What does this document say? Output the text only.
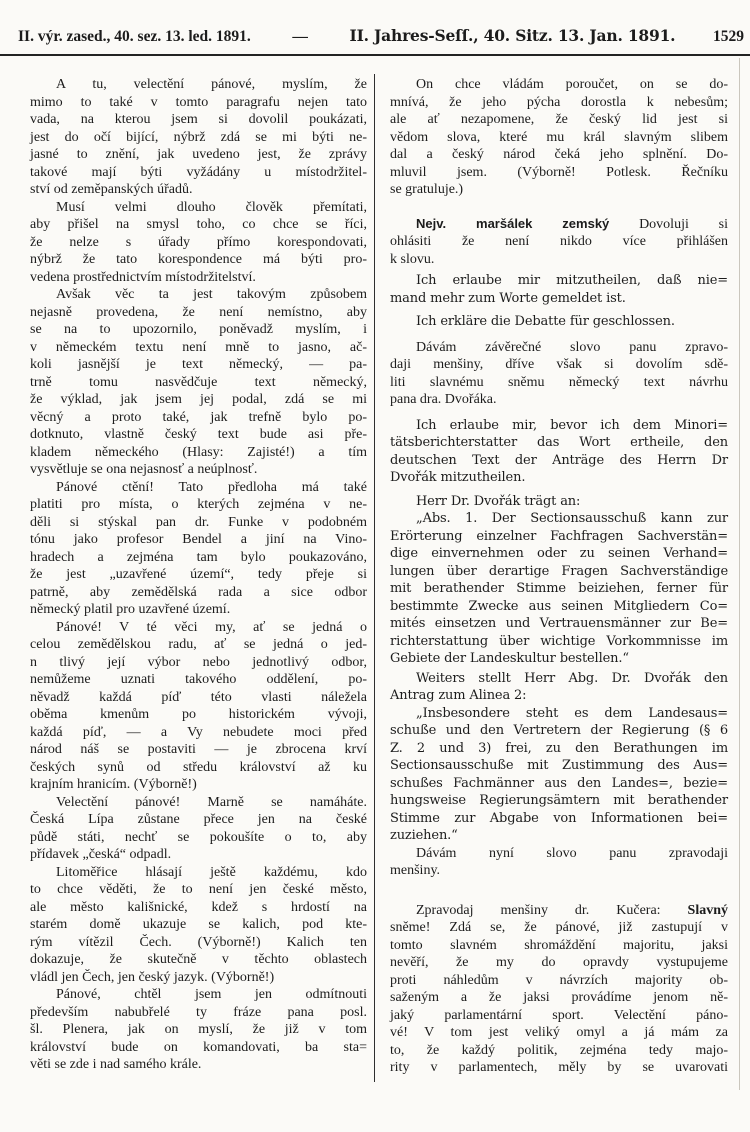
II. výr. zased., 40. sez. 13. led. 1891.	—	II. Jahres-Seſſ., 40. Sitz. 13. Jan. 1891. 1529
A tu, velectění pánové, myslím, že
mimo to také v tomto paragrafu nejen tato
vada, na kterou jsem si dovolil poukázati,
jest do očí bijící, nýbrž zdá se mi býti ne-
jasné to znění, jak uvedeno jest, že zprávy
takové mají býti vyžádány u místodržitel-
ství od zeměpanských úřadů.
Musí velmi dlouho člověk přemítati,
aby přišel na smysl toho, co chce se říci,
že nelze s úřady přímo korespondovati,
nýbrž že tato korespondence má býti pro-
vedena prostřednictvím místodržitelství.
Avšak věc ta jest takovým způsobem
nejasně provedena, že není nemístno, aby
se na to upozornilo, poněvadž myslím, i
v německém textu není mně to jasno, ač-
koli jasnější je text německý, — pa-
trně tomu nasvědčuje text německý,
že výklad, jak jsem jej podal, zdá se mi
věcný a proto také, jak trefně bylo po-
dotknuto, vlastně český text bude asi pře-
kladem německého (Hlasy: Zajisté!) a tím
vysvětluje se ona nejasnosť a neúplnosť.
Pánové ctění! Tato předloha má také
platiti pro místa, o kterých zejména v ne-
děli si stýskal pan dr. Funke v podobném
tónu jako profesor Bendel a jiní na Vino-
hradech a zejména tam bylo poukazováno,
že jest „uzavřené území“, tedy přeje si
patrně, aby zemědělská rada a sice odbor
německý platil pro uzavřené území.
Pánové! V té věci my, ať se jedná o
celou zemědělskou radu, ať se jedná o jed-
n tlivý její výbor nebo jednotlivý odbor,
nemůžeme uznati takového oddělení, po-
něvadž každá píď této vlasti náležela
oběma kmenům po historickém vývoji,
každá píď, — a Vy nebudete moci před
národ náš se postaviti — je zbrocena krví
českých synů od středu království až ku
krajním hranicím. (Výborně!)
Velectění pánové! Marně se namáháte.
Česká Lípa zůstane přece jen na české
půdě státi, nechť se pokoušíte o to, aby
přídavek „česká“ odpadl.
Litoměřice hlásají ještě každému, kdo
to chce věděti, že to není jen české město,
ale město kališnické, kdež s hrdostí na
starém domě ukazuje se kalich, pod kte-
rým vítězil Čech. (Výborně!) Kalich ten
dokazuje, že skutečně v těchto oblastech
vládl jen Čech, jen český jazyk. (Výborně!)
Pánové, chtěl jsem jen odmítnouti
především nabubřelé ty fráze pana posl.
šl. Plenera, jak on myslí, že již v tom
království bude on komandovati, ba sta=
věti se zde i nad samého krále.
On chce vládám poroučet, on se do-
mnívá, že jeho pýcha dorostla k nebesům;
ale ať nezapomene, že český lid jest si
vědom slova, které mu král slavným slibem
dal a český národ čeká jeho splnění. Do-
mluvil jsem. (Výborně! Potlesk. Řečníku
se gratuluje.)
Nejv. maršálek zemský Dovoluji si
ohlásiti že není nikdo více přihlášen
k slovu.
Ich erlaube mir mitzutheilen, daß nie=
mand mehr zum Worte gemeldet ist.
Ich erkläre die Debatte für geschlossen.
Dávám závěrečné slovo panu zpravo-
daji menšiny, dříve však si dovolím sdě-
liti slavnému sněmu německý text návrhu
pana dra. Dvořáka.
Ich erlaube mir, bevor ich dem Minori=
tätsberichterstatter das Wort ertheile, den
deutschen Text der Anträge des Herrn Dr
Dvořák mitzutheilen.
Herr Dr. Dvořák trägt an:
„Abs. 1. Der Sectionsausschuß kann zur
Erörterung einzelner Fachfragen Sachverstän=
dige einvernehmen oder zu seinen Verhand=
lungen über derartige Fragen Sachverständige
mit berathender Stimme beiziehen, ferner für
bestimmte Zwecke aus seinen Mitgliedern Co=
mités einsetzen und Vertrauensmänner zur Be=
richterstattung über wichtige Vorkommnisse im
Gebiete der Landeskultur bestellen.“
Weiters stellt Herr Abg. Dr. Dvořák den
Antrag zum Alinea 2:
„Insbesondere steht es dem Landesaus=
schuße und den Vertretern der Regierung (§ 6
Z. 2 und 3) frei, zu den Berathungen im
Sectionsausschuße mit Zustimmung des Aus=
schußes Fachmänner aus den Landes=, bezie=
hungsweise Regierungsämtern mit berathender
Stimme zur Abgabe von Informationen bei=
zuziehen.“
Dávám nyní slovo panu zpravodaji
menšiny.
Zpravodaj menšiny dr. Kučera: Slavný
sněme! Zdá se, že pánové, již zastupují v
tomto slavném shromáždění majoritu, jaksi
nevěří, že my do opravdy vystupujeme
proti náhledům v návrzích majority ob-
saženým a že jaksi provádíme jenom ně-
jaký parlamentární sport. Velectění páno-
vé! V tom jest veliký omyl a já mám za
to, že každý politik, zejména tedy majo-
rity v parlamentech, měly by se uvarovati
